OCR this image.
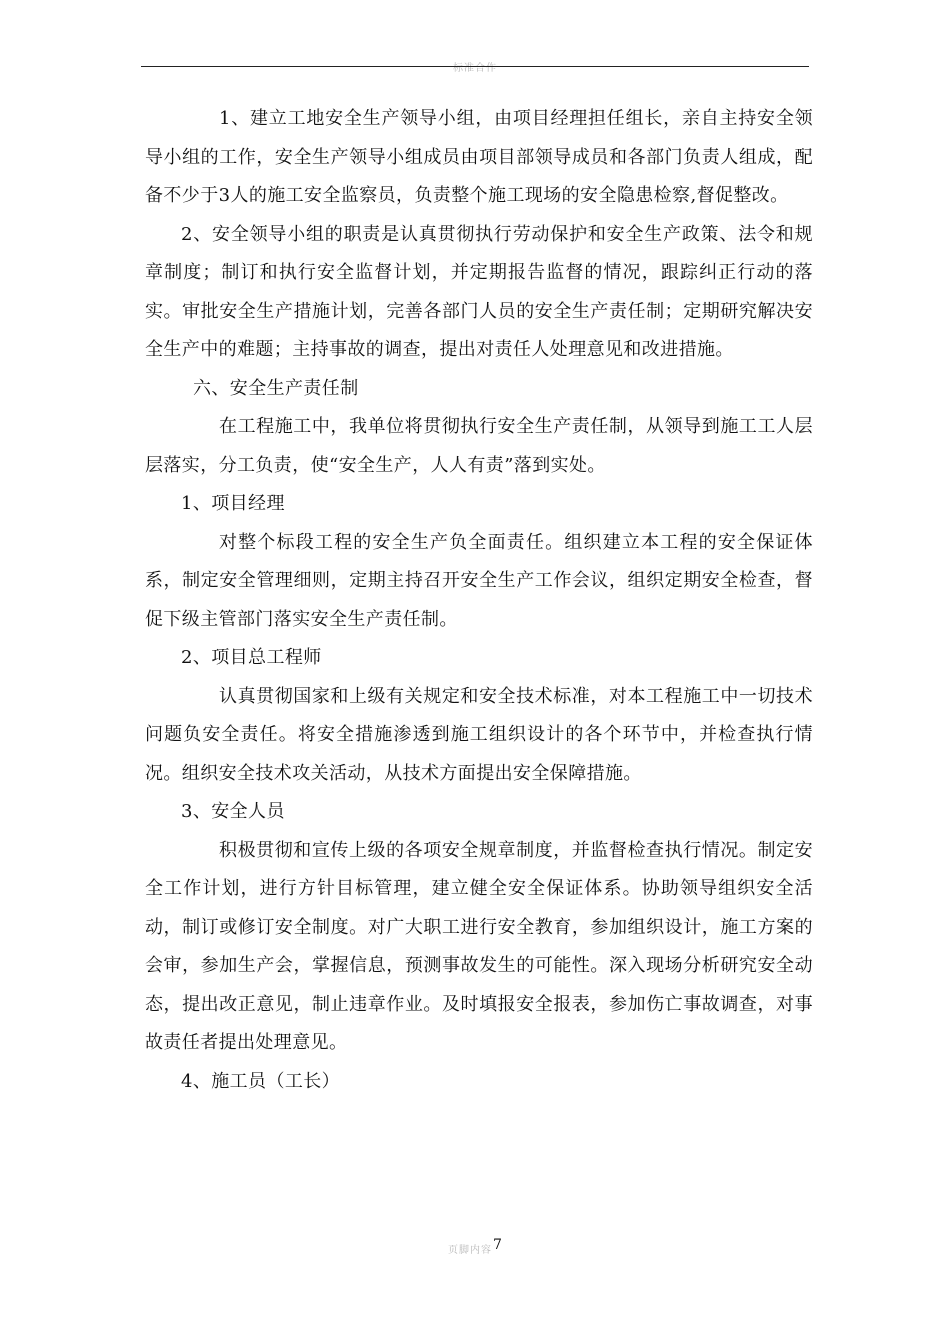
标准合作

1、建立工地安全生产领导小组，由项目经理担任组长，亲自主持安全领导小组的工作，安全生产领导小组成员由项目部领导成员和各部门负责人组成，配备不少于3人的施工安全监察员，负责整个施工现场的安全隐患检察,督促整改。

2、安全领导小组的职责是认真贯彻执行劳动保护和安全生产政策、法令和规章制度；制订和执行安全监督计划，并定期报告监督的情况，跟踪纠正行动的落实。审批安全生产措施计划，完善各部门人员的安全生产责任制；定期研究解决安全生产中的难题；主持事故的调查，提出对责任人处理意见和改进措施。

六、安全生产责任制

在工程施工中，我单位将贯彻执行安全生产责任制，从领导到施工工人层层落实，分工负责，使“安全生产，人人有责”落到实处。

1、项目经理

对整个标段工程的安全生产负全面责任。组织建立本工程的安全保证体系，制定安全管理细则，定期主持召开安全生产工作会议，组织定期安全检查，督促下级主管部门落实安全生产责任制。

2、项目总工程师

认真贯彻国家和上级有关规定和安全技术标准，对本工程施工中一切技术问题负安全责任。将安全措施渗透到施工组织设计的各个环节中，并检查执行情况。组织安全技术攻关活动，从技术方面提出安全保障措施。

3、安全人员

积极贯彻和宣传上级的各项安全规章制度，并监督检查执行情况。制定安全工作计划，进行方针目标管理，建立健全安全保证体系。协助领导组织安全活动，制订或修订安全制度。对广大职工进行安全教育，参加组织设计，施工方案的会审，参加生产会，掌握信息，预测事故发生的可能性。深入现场分析研究安全动态，提出改正意见，制止违章作业。及时填报安全报表，参加伤亡事故调查，对事故责任者提出处理意见。

4、施工员（工长）

页脚内容7
